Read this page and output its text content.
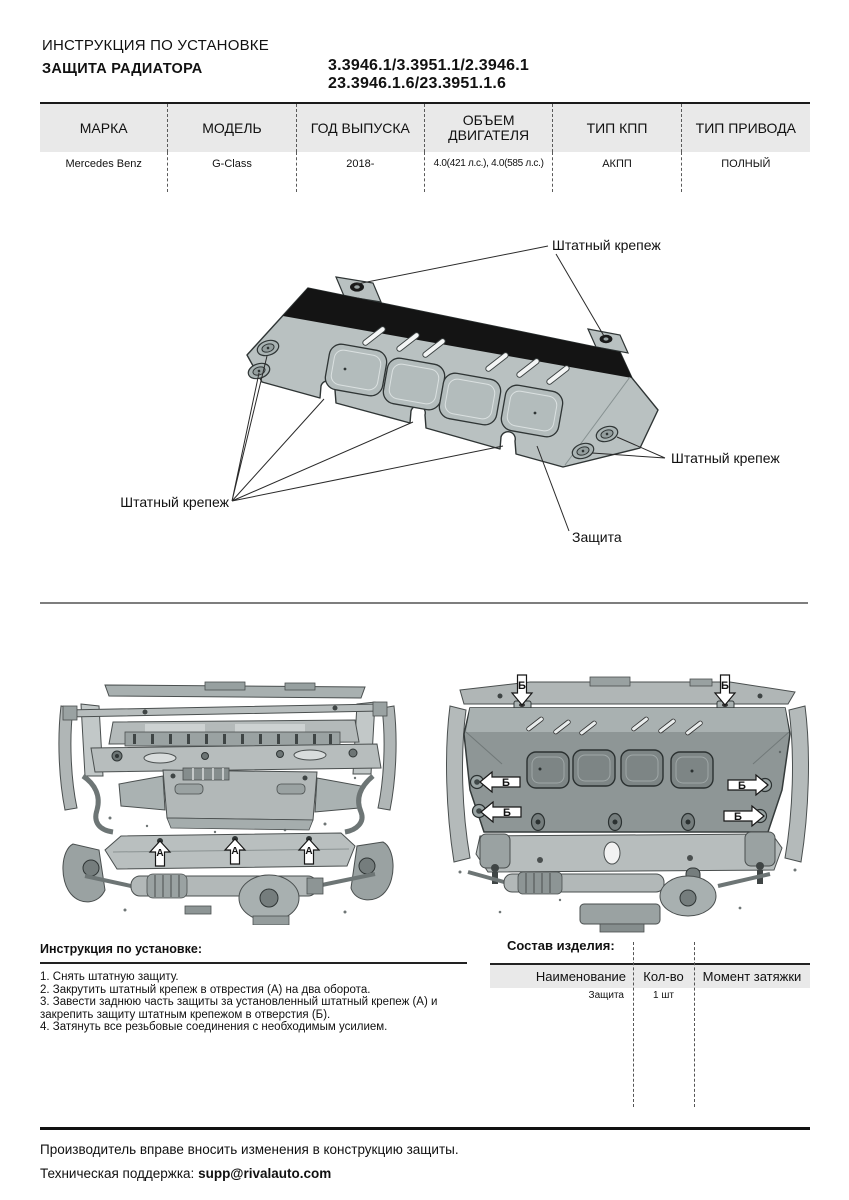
ИНСТРУКЦИЯ ПО УСТАНОВКЕ
ЗАЩИТА РАДИАТОРА	3.3946.1/3.3951.1/2.3946.1
23.3946.1.6/23.3951.1.6
МАРКА	МОДЕЛЬ	ГОД ВЫПУСКА	ОБЪЕМ ДВИГАТЕЛЯ	ТИП КПП	ТИП ПРИВОДА
Mercedes Benz	G-Class	2018-	4.0(421 л.с.), 4.0(585 л.с.)	АКПП	ПОЛНЫЙ
Штатный крепеж
Штатный крепеж
Штатный крепеж
Защита
А	А	А
Б	Б
Б
Б
Б
Б
Инструкция по установке:
1. Снять штатную защиту.
2. Закрутить штатный крепеж в отврестия (А) на два оборота.
3. Завести заднюю часть защиты за установленный штатный крепеж (А) и закрепить защиту штатным крепежом в отверстия (Б).
4. Затянуть все резьбовые соединения с необходимым усилием.
Состав изделия:
Наименование	Кол-во	Момент затяжки
Защита	1 шт
Производитель вправе вносить изменения в конструкцию защиты.
Техническая поддержка: supp@rivalauto.com
